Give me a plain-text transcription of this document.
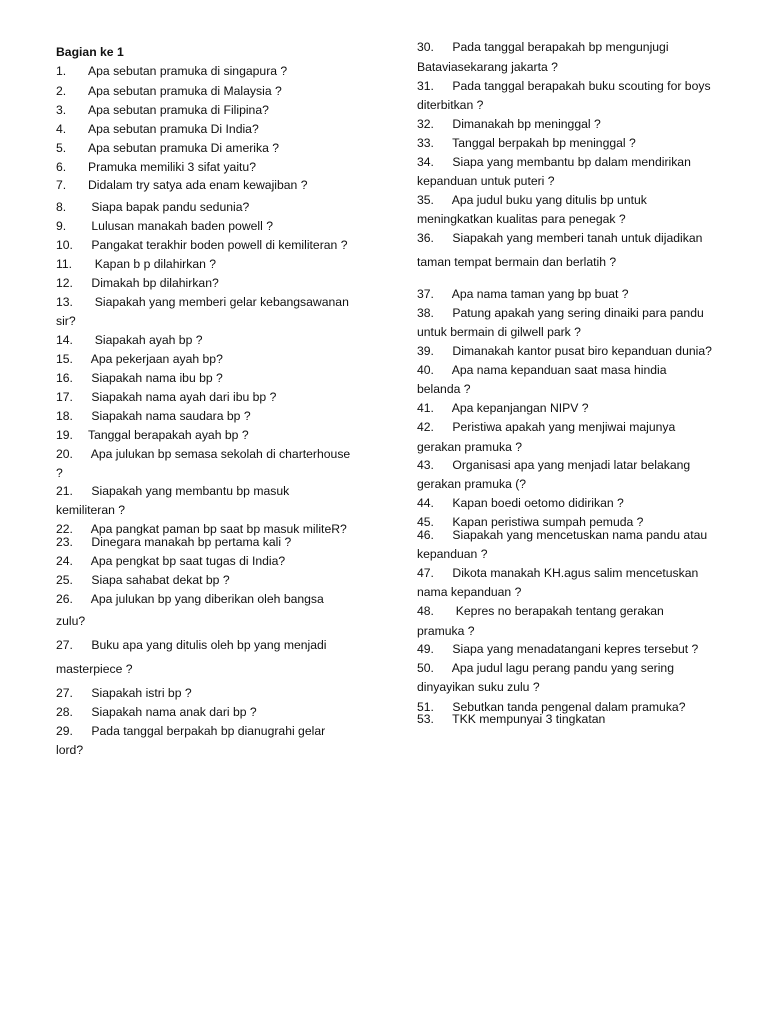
Bagian ke 1
1. Apa sebutan pramuka di singapura ?
2. Apa sebutan pramuka di Malaysia ?
3. Apa sebutan pramuka di Filipina?
4. Apa sebutan pramuka Di India?
5. Apa sebutan pramuka Di amerika ?
6. Pramuka memiliki 3 sifat yaitu?
7. Didalam try satya ada enam kewajiban ?
8. Siapa bapak pandu sedunia?
9. Lulusan manakah baden powell ?
10. Pangakat terakhir boden powell di kemiliteran ?
11. Kapan b p dilahirkan ?
12. Dimakah bp dilahirkan?
13. Siapakah yang memberi gelar kebangsawanan
sir?
14. Siapakah ayah bp ?
15. Apa pekerjaan ayah bp?
16. Siapakah nama ibu bp ?
17. Siapakah nama ayah dari ibu bp ?
18. Siapakah nama saudara bp ?
19. Tanggal berapakah ayah bp ?
20. Apa julukan bp semasa sekolah di charterhouse
?
21. Siapakah yang membantu bp masuk
kemiliteran ?
22. Apa pangkat paman bp saat bp masuk militeR?
23. Dinegara manakah bp pertama kali ?
24. Apa pengkat bp saat tugas di India?
25. Siapa sahabat dekat bp ?
26. Apa julukan bp yang diberikan oleh bangsa
zulu?
27. Buku apa yang ditulis oleh bp yang menjadi
masterpiece ?
27. Siapakah istri bp ?
28. Siapakah nama anak dari bp ?
29. Pada tanggal berpakah bp dianugrahi gelar
lord?
30. Pada tanggal berapakah bp mengunjugi
Bataviasekarang jakarta ?
31. Pada tanggal berapakah buku scouting for boys
diterbitkan ?
32. Dimanakah bp meninggal ?
33. Tanggal berpakah bp meninggal ?
34. Siapa yang membantu bp dalam mendirikan
kepanduan untuk puteri ?
35. Apa judul buku yang ditulis bp untuk
meningkatkan kualitas para penegak ?
36. Siapakah yang memberi tanah untuk dijadikan
taman tempat bermain dan berlatih ?
37. Apa nama taman yang bp buat ?
38. Patung apakah yang sering dinaiki para pandu
untuk bermain di gilwell park ?
39. Dimanakah kantor pusat biro kepanduan dunia?
40. Apa nama kepanduan saat masa hindia
belanda ?
41. Apa kepanjangan NIPV ?
42. Peristiwa apakah yang menjiwai majunya
gerakan pramuka ?
43. Organisasi apa yang menjadi latar belakang
gerakan pramuka (?
44. Kapan boedi oetomo didirikan ?
45. Kapan peristiwa sumpah pemuda ?
46. Siapakah yang mencetuskan nama pandu atau
kepanduan ?
47. Dikota manakah KH.agus salim mencetuskan
nama kepanduan ?
48. Kepres no berapakah tentang gerakan
pramuka ?
49. Siapa yang menadatangani kepres tersebut ?
50. Apa judul lagu perang pandu yang sering
dinyayikan suku zulu ?
51. Sebutkan tanda pengenal dalam pramuka?
53. TKK mempunyai 3 tingkatan
